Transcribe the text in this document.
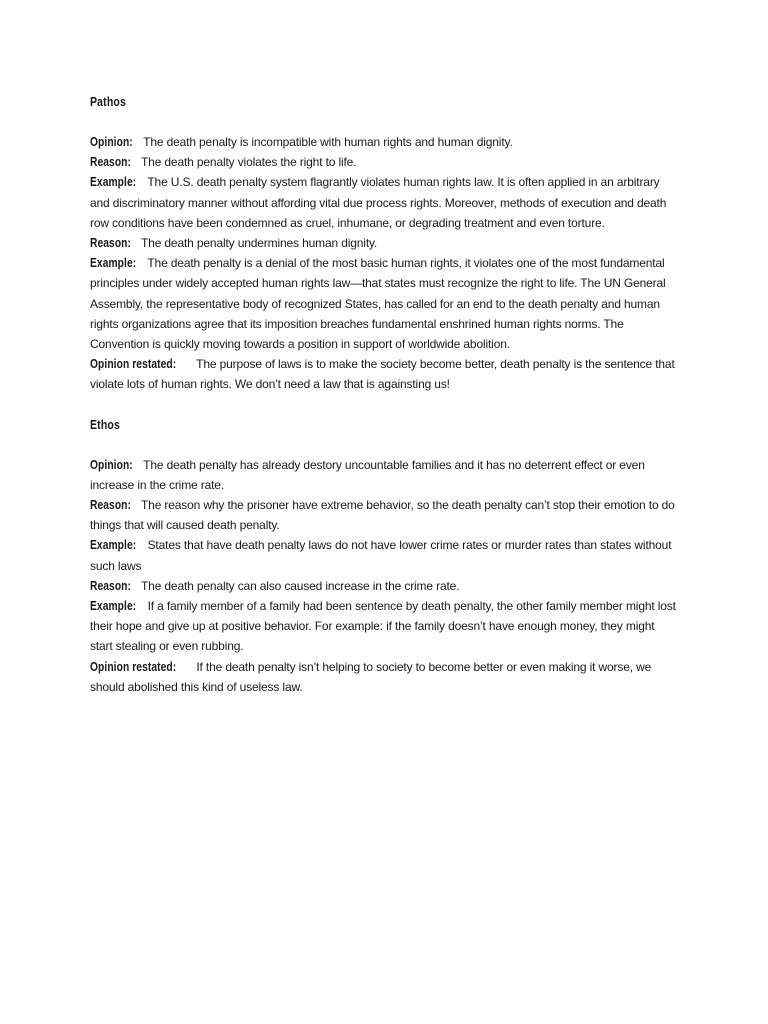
Pathos

Opinion: The death penalty is incompatible with human rights and human dignity.

Reason: The death penalty violates the right to life.

Example: The U.S. death penalty system flagrantly violates human rights law. It is often applied in an arbitrary and discriminatory manner without affording vital due process rights. Moreover, methods of execution and death row conditions have been condemned as cruel, inhumane, or degrading treatment and even torture.

Reason: The death penalty undermines human dignity.

Example: The death penalty is a denial of the most basic human rights, it violates one of the most fundamental principles under widely accepted human rights law—that states must recognize the right to life. The UN General Assembly, the representative body of recognized States, has called for an end to the death penalty and human rights organizations agree that its imposition breaches fundamental enshrined human rights norms. The Convention is quickly moving towards a position in support of worldwide abolition.

Opinion restated: The purpose of laws is to make the society become better, death penalty is the sentence that violate lots of human rights. We don’t need a law that is againsting us!

Ethos

Opinion: The death penalty has already destory uncountable families and it has no deterrent effect or even increase in the crime rate.

Reason: The reason why the prisoner have extreme behavior, so the death penalty can’t stop their emotion to do things that will caused death penalty.

Example: States that have death penalty laws do not have lower crime rates or murder rates than states without such laws

Reason: The death penalty can also caused increase in the crime rate.

Example: If a family member of a family had been sentence by death penalty, the other family member might lost their hope and give up at positive behavior. For example: if the family doesn’t have enough money, they might start stealing or even rubbing.

Opinion restated: If the death penalty isn’t helping to society to become better or even making it worse, we should abolished this kind of useless law.
